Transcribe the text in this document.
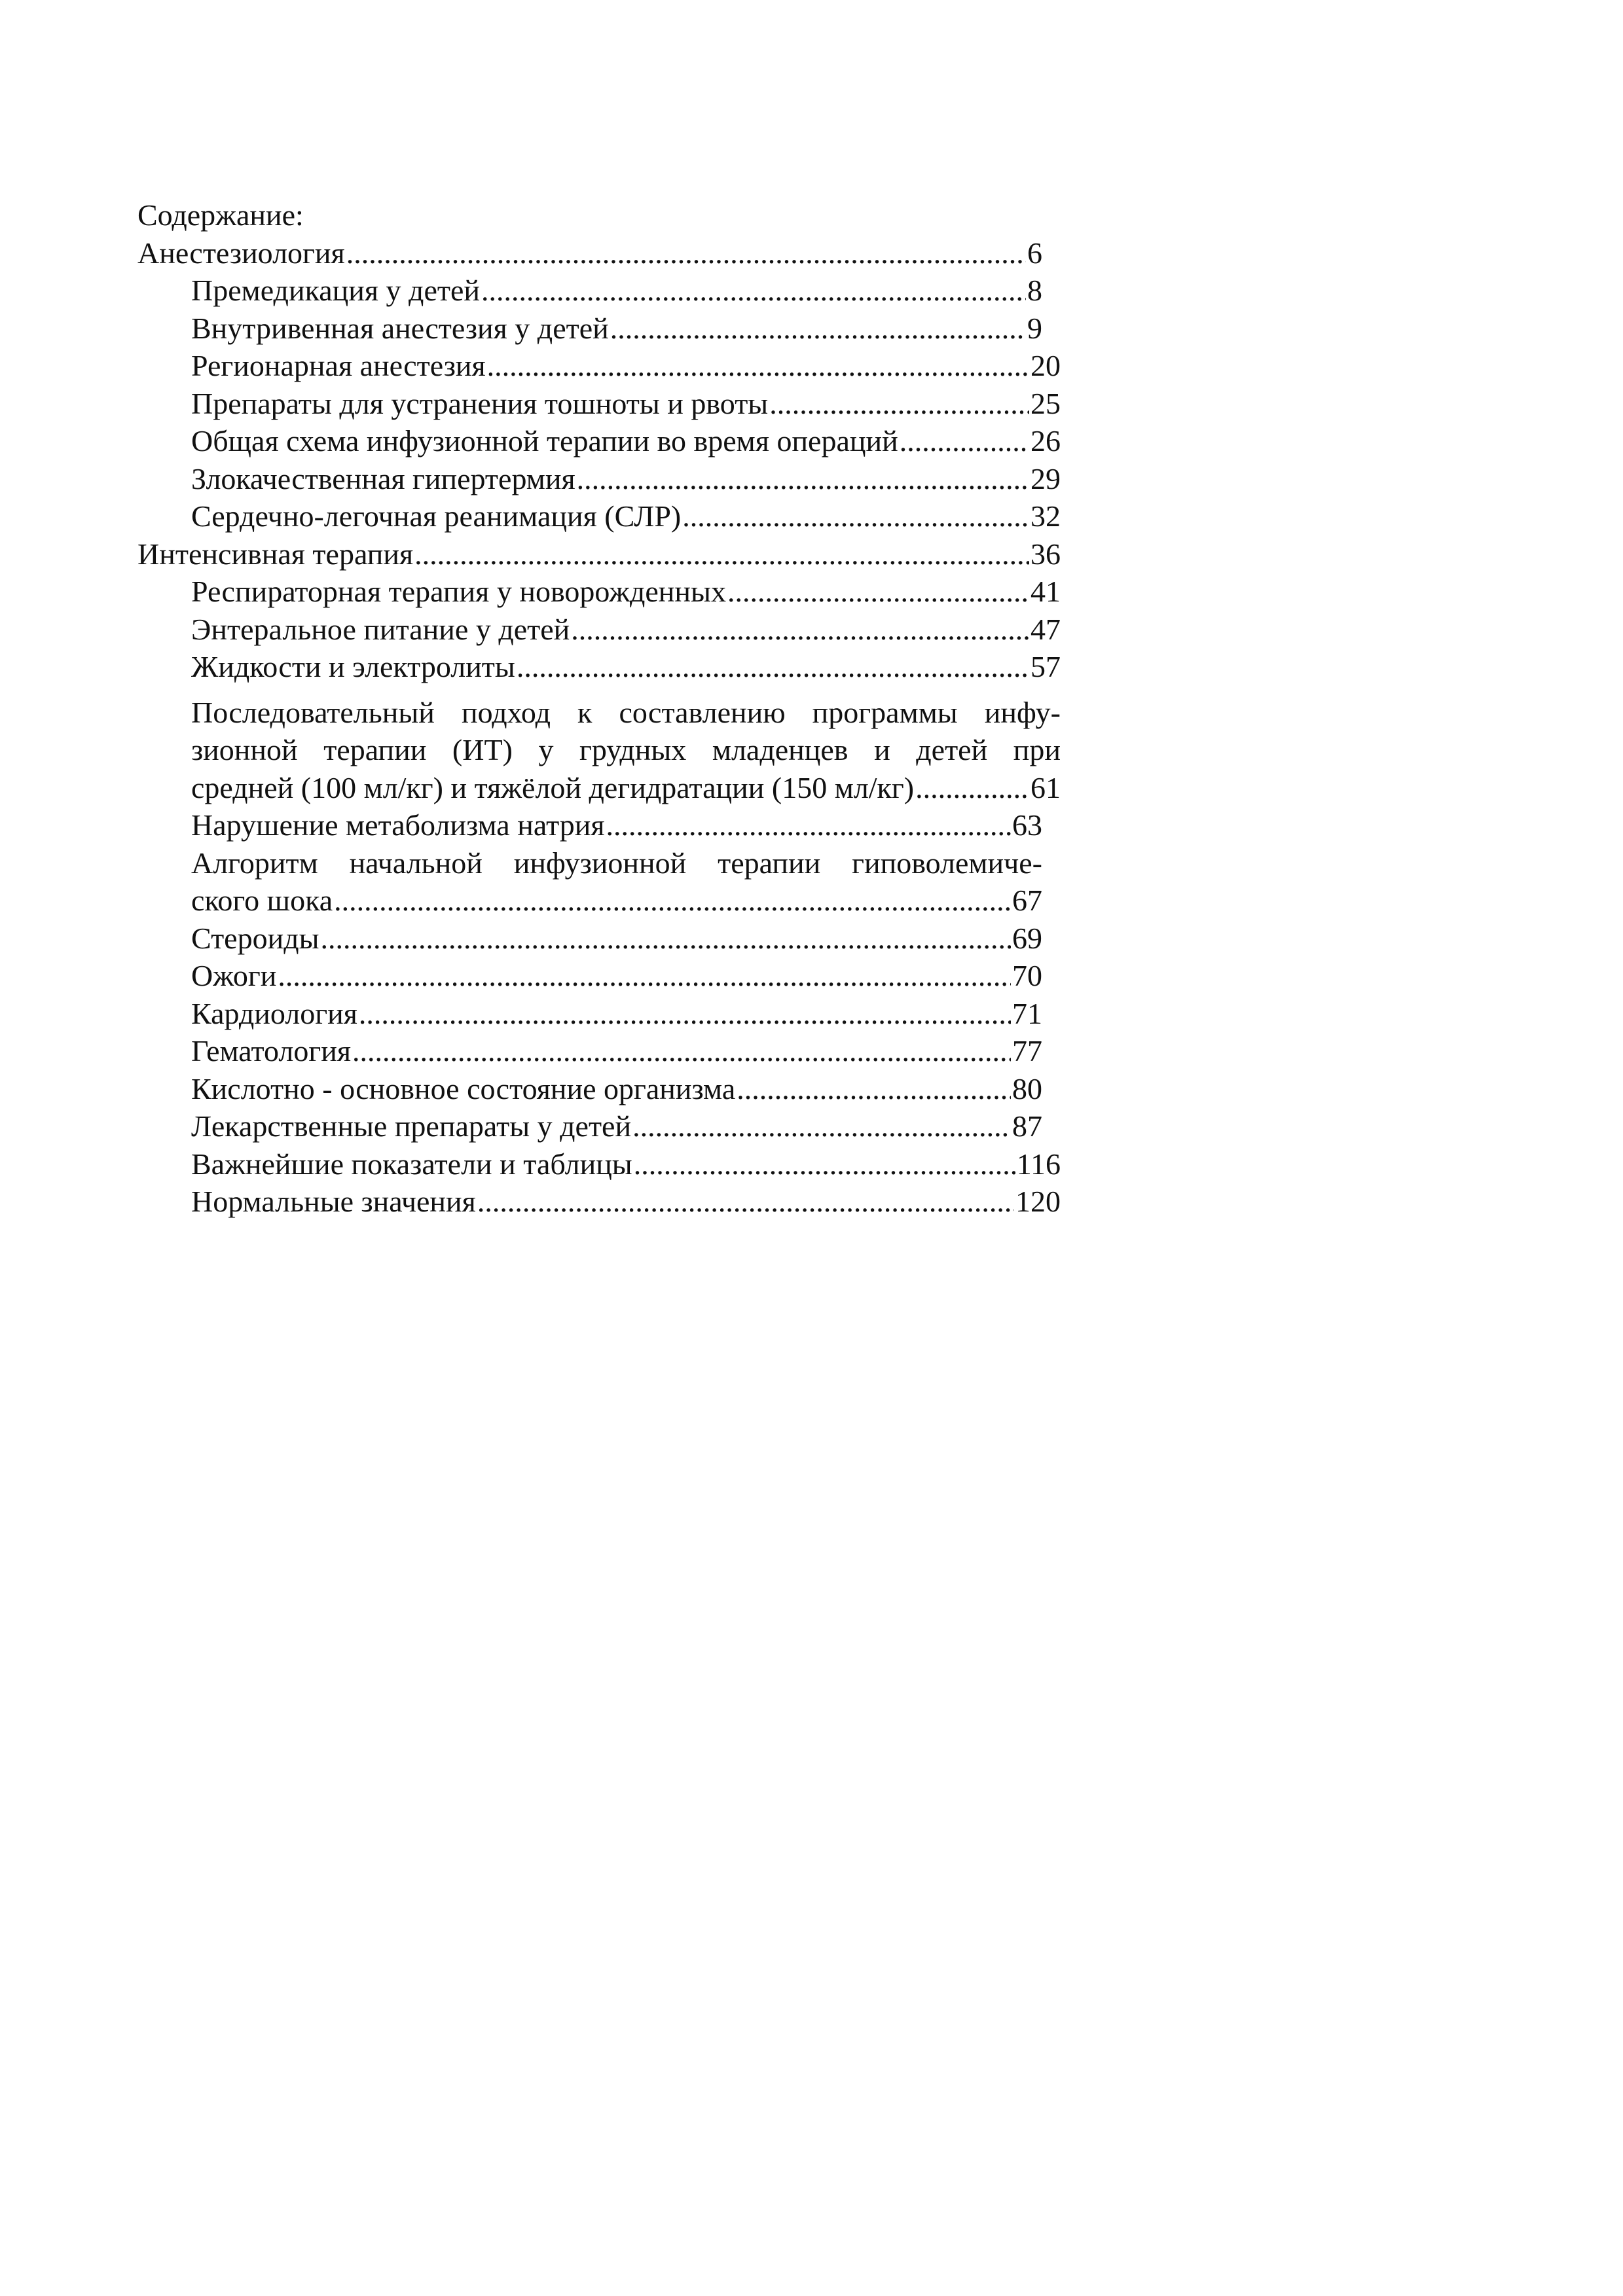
Содержание:
Анестезиология .....	6
Премедикация у детей .....	8
Внутривенная анестезия у детей .....	9
Регионарная анестезия .....	20
Препараты для устранения тошноты и рвоты .....	25
Общая схема инфузионной терапии во время операций .....	26
Злокачественная гипертермия .....	29
Сердечно-легочная реанимация (СЛР) .....	32
Интенсивная терапия .....	36
Респираторная терапия у новорожденных .....	41
Энтеральное питание у детей .....	47
Жидкости и электролиты .....	57
Последовательный подход к составлению программы инфу-
зионной терапии (ИТ) у грудных младенцев и детей при
средней (100 мл/кг) и тяжёлой дегидратации (150 мл/кг) .....	61
Нарушение метаболизма натрия .....	63
Алгоритм начальной инфузионной терапии гиповолемиче-
ского шока .....	67
Стероиды .....	69
Ожоги .....	70
Кардиология .....	71
Гематология .....	77
Кислотно - основное состояние организма .....	80
Лекарственные препараты у детей .....	87
Важнейшие показатели и таблицы .....	116
Нормальные значения .....	120
